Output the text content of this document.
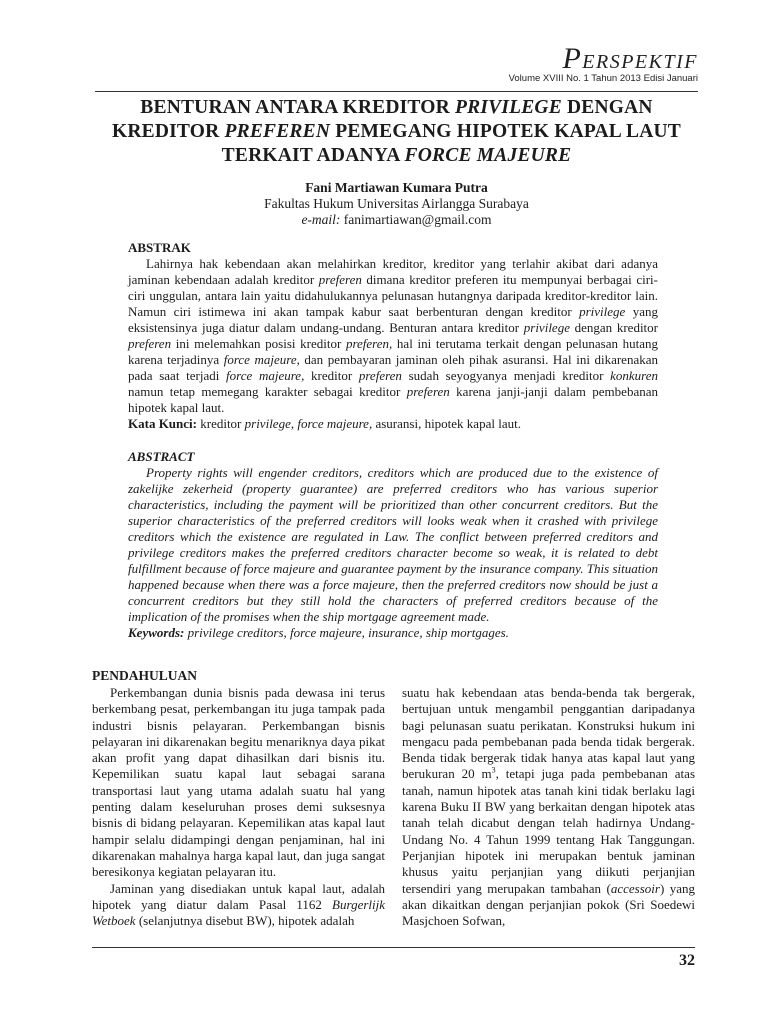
PERSPEKTIF
Volume XVIII No. 1 Tahun 2013 Edisi Januari
BENTURAN ANTARA KREDITOR PRIVILEGE DENGAN
KREDITOR PREFEREN PEMEGANG HIPOTEK KAPAL LAUT
TERKAIT ADANYA FORCE MAJEURE
Fani Martiawan Kumara Putra
Fakultas Hukum Universitas Airlangga Surabaya
e-mail: fanimartiawan@gmail.com
ABSTRAK

Lahirnya hak kebendaan akan melahirkan kreditor, kreditor yang terlahir akibat dari adanya jaminan kebendaan adalah kreditor preferen dimana kreditor preferen itu mempunyai berbagai ciri-ciri unggulan, antara lain yaitu didahulukannya pelunasan hutangnya daripada kreditor-kreditor lain. Namun ciri istimewa ini akan tampak kabur saat berbenturan dengan kreditor privilege yang eksistensinya juga diatur dalam undang-undang. Benturan antara kreditor privilege dengan kreditor preferen ini melemahkan posisi kreditor preferen, hal ini terutama terkait dengan pelunasan hutang karena terjadinya force majeure, dan pembayaran jaminan oleh pihak asuransi. Hal ini dikarenakan pada saat terjadi force majeure, kreditor preferen sudah seyogyanya menjadi kreditor konkuren namun tetap memegang karakter sebagai kreditor preferen karena janji-janji dalam pembebanan hipotek kapal laut.

Kata Kunci: kreditor privilege, force majeure, asuransi, hipotek kapal laut.
ABSTRACT

Property rights will engender creditors, creditors which are produced due to the existence of zakelijke zekerheid (property guarantee) are preferred creditors who has various superior characteristics, including the payment will be prioritized than other concurrent creditors. But the superior characteristics of the preferred creditors will looks weak when it crashed with privilege creditors which the existence are regulated in Law. The conflict between preferred creditors and privilege creditors makes the preferred creditors character become so weak, it is related to debt fulfillment because of force majeure and guarantee payment by the insurance company. This situation happened because when there was a force majeure, then the preferred creditors now should be just a concurrent creditors but they still hold the characters of preferred creditors because of the implication of the promises when the ship mortgage agreement made.

Keywords: privilege creditors, force majeure, insurance, ship mortgages.
PENDAHULUAN

Perkembangan dunia bisnis pada dewasa ini terus berkembang pesat, perkembangan itu juga tampak pada industri bisnis pelayaran. Perkembangan bisnis pelayaran ini dikarenakan begitu menariknya daya pikat akan profit yang dapat dihasilkan dari bisnis itu. Kepemilikan suatu kapal laut sebagai sarana transportasi laut yang utama adalah suatu hal yang penting dalam keseluruhan proses demi suksesnya bisnis di bidang pelayaran. Kepemilikan atas kapal laut hampir selalu didampingi dengan penjaminan, hal ini dikarenakan mahalnya harga kapal laut, dan juga sangat beresikonya kegiatan pelayaran itu.

Jaminan yang disediakan untuk kapal laut, adalah hipotek yang diatur dalam Pasal 1162 Burgerlijk Wetboek (selanjutnya disebut BW), hipotek adalah

suatu hak kebendaan atas benda-benda tak bergerak, bertujuan untuk mengambil penggantian daripadanya bagi pelunasan suatu perikatan. Konstruksi hukum ini mengacu pada pembebanan pada benda tidak bergerak. Benda tidak bergerak tidak hanya atas kapal laut yang berukuran 20 $m^3$, tetapi juga pada pembebanan atas tanah, namun hipotek atas tanah kini tidak berlaku lagi karena Buku II BW yang berkaitan dengan hipotek atas tanah telah dicabut dengan telah hadirnya Undang-Undang No. 4 Tahun 1999 tentang Hak Tanggungan. Perjanjian hipotek ini merupakan bentuk jaminan khusus yaitu perjanjian yang diikuti perjanjian tersendiri yang merupakan tambahan (accessoir) yang akan dikaitkan dengan perjanjian pokok (Sri Soedewi Masjchoen Sofwan,

32
